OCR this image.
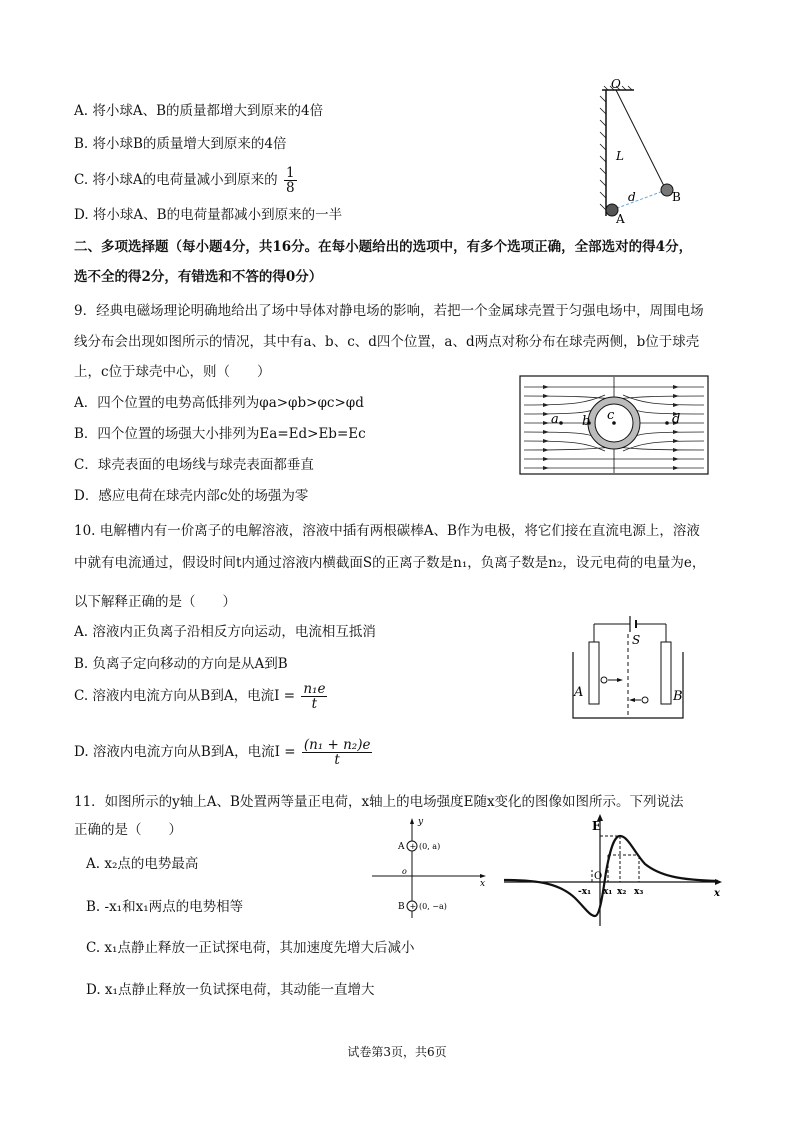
A. 将小球A、B的质量都增大到原来的4倍
B. 将小球B的质量增大到原来的4倍
C. 将小球A的电荷量减小到原来的 $\frac{1}{8}$
D. 将小球A、B的电荷量都减小到原来的一半
O
L
d
A
B
二、多项选择题（每小题4分，共16分。在每小题给出的选项中，有多个选项正确，全部选对的得4分，
选不全的得2分，有错选和不答的得0分）
9．经典电磁场理论明确地给出了场中导体对静电场的影响，若把一个金属球壳置于匀强电场中，周围电场
线分布会出现如图所示的情况，其中有a、b、c、d四个位置，a、d两点对称分布在球壳两侧，b位于球壳
上，c位于球壳中心，则（　　）
A．四个位置的电势高低排列为φa>φb>φc>φd
B．四个位置的场强大小排列为Ea=Ed>Eb=Ec
C．球壳表面的电场线与球壳表面都垂直
D．感应电荷在球壳内部c处的场强为零
a b c	d
10. 电解槽内有一价离子的电解溶液，溶液中插有两根碳棒A、B作为电极，将它们接在直流电源上，溶液
中就有电流通过，假设时间t内通过溶液内横截面S的正离子数是n₁，负离子数是n₂，设元电荷的电量为e，
以下解释正确的是（　　）
A. 溶液内正负离子沿相反方向运动，电流相互抵消
B. 负离子定向移动的方向是从A到B
C. 溶液内电流方向从B到A，电流$I = \frac{\text{n₁e}}{t}$
D. 溶液内电流方向从B到A，电流$I = \frac{\text{(n₁ + n₂)e}}{t}$
S
A	B
11．如图所示的y轴上A、B处置两等量正电荷，x轴上的电场强度E随x变化的图像如图所示。下列说法
正确的是（　　）
A. x₂点的电势最高
B. -x₁和x₁两点的电势相等
C. x₁点静止释放一正试探电荷，其加速度先增大后减小
D. x₁点静止释放一负试探电荷，其动能一直增大
+
+
y
x
o
A (0, a)
B (0, −a)
E
x
O
-x₁ x₁ x₂ x₃
试卷第3页，共6页
